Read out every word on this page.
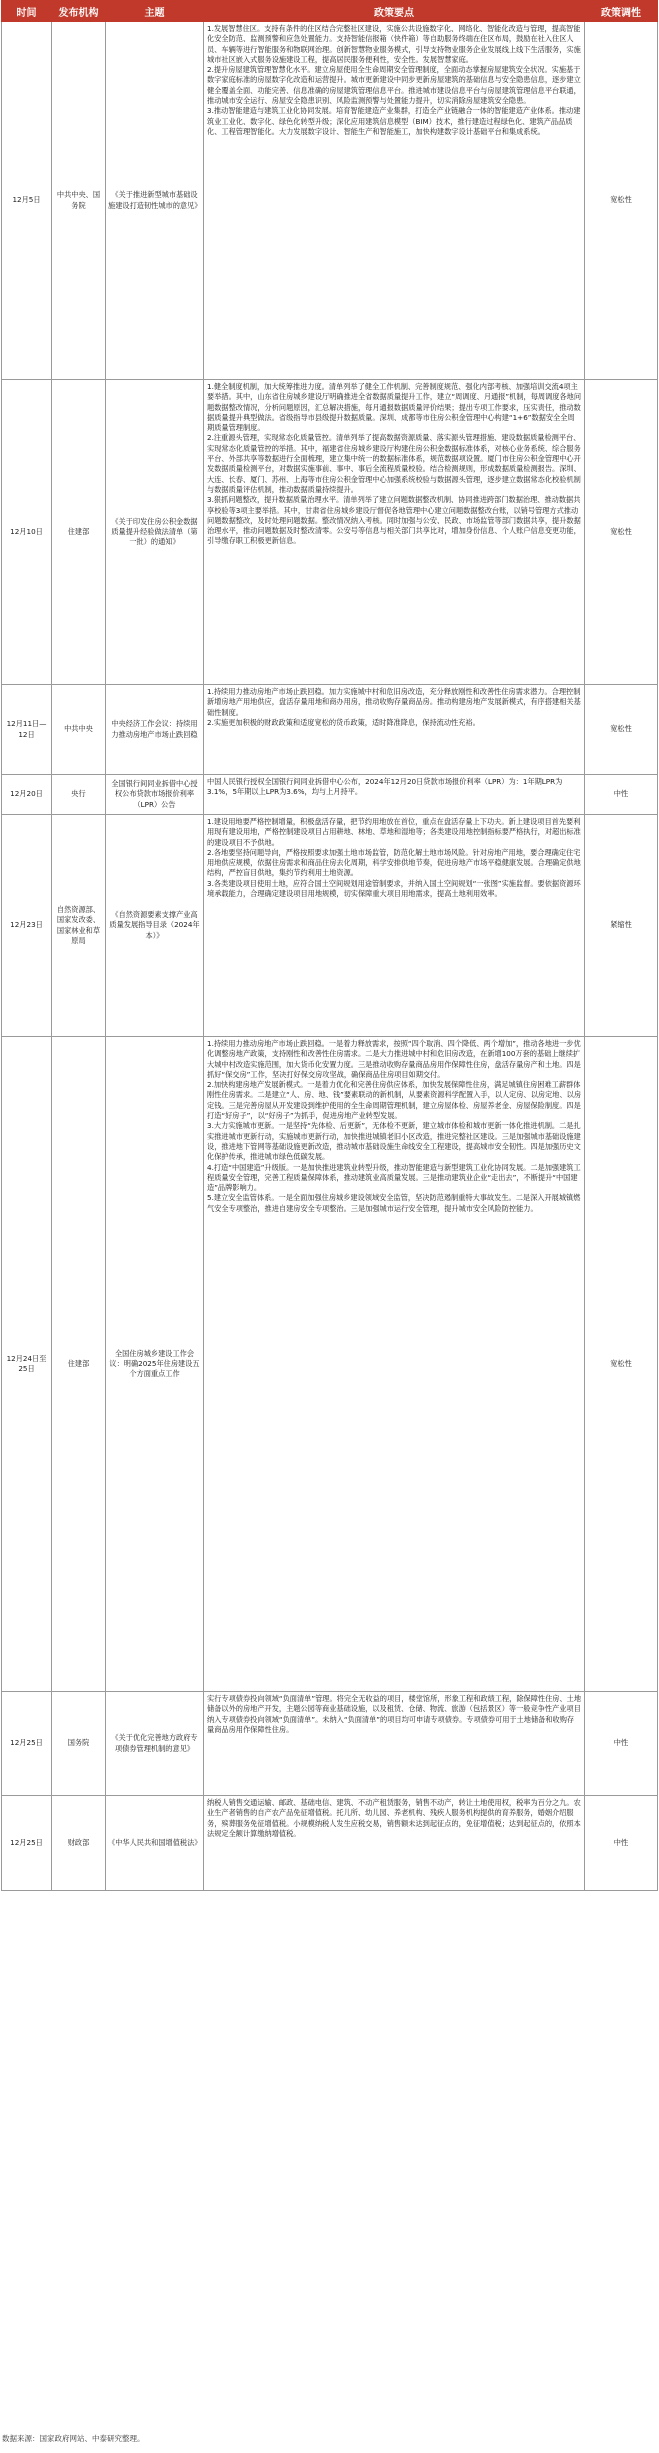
时间	发布机构	主题	政策要点	政策调性
12月5日	中共中央、国务院	《关于推进新型城市基础设施建设打造韧性城市的意见》	1.发展智慧住区。支持有条件的住区结合完整社区建设，实施公共设施数字化、网络化、智能化改造与管理，提高智能化安全防范、监测预警和应急处置能力。支持智能信报箱（快件箱）等自助服务终端在住区布局，鼓励在社入住区人员、车辆等进行智能服务和物联网治理。创新智慧物业服务模式，引导支持物业服务企业发展线上线下生活服务，实施城市社区嵌入式服务设施建设工程，提高居民服务便利性，安全性。发展智慧家庭。

2.提升房屋建筑管理智慧化水平。建立房屋使用全生命周期安全管理制度，全面动态掌握房屋建筑安全状况。实施基于数字家庭标准的房屋数字化改造和运营提升。城市更新建设中同步更新房屋建筑的基础信息与安全隐患信息，逐步建立健全覆盖全面、功能完善、信息准确的房屋建筑管理信息平台。推进城市建设信息平台与房屋建筑管理信息平台联通，推动城市安全运行、房屋安全隐患识别、风险监测预警与处置能力提升，切实消除房屋建筑安全隐患。

3.推动智能建造与建筑工业化协同发展。培育智能建造产业集群，打造全产业链融合一体的智能建造产业体系。推动建筑业工业化、数字化、绿色化转型升级；深化应用建筑信息模型（BIM）技术，推行建造过程绿色化、建筑产品品质化、工程管理智能化。大力发展数字设计、智能生产和智能施工，加快构建数字设计基础平台和集成系统。	宽松性
12月10日	住建部	《关于印发住房公积金数据质量提升经验做法清单（第一批）的通知》	1.健全制度机制，加大统筹推进力度。清单列举了健全工作机制、完善制度规范、强化内部考核、加强培训交流4项主要举措。其中，山东省住房城乡建设厅明确推进全省数据质量提升工作，建立“周调度、月通报”机制，每周调度各地问题数据整改情况，分析问题原因，汇总解决措施，每月通报数据质量评价结果；提出专项工作要求，压实责任，推动数据质量提升典型做法。省级指导市县级提升数据质量。深圳、成都等市住房公积金管理中心构建“1+6”数据安全全周期质量管理制度。

2.注重源头管理，实现常态化质量管控。清单列举了提高数据资源质量、落实源头管理措施、建设数据质量检测平台、实现常态化质量管控的举措。其中，福建省住房城乡建设厅构建住房公积金数据标准体系，对核心业务系统、综合服务平台、外部共享等数据进行全面梳理，建立集中统一的数据标准体系，规范数据项设置。厦门市住房公积金管理中心开发数据质量检测平台，对数据实施事前、事中、事后全流程质量校验。结合检测规则，形成数据质量检测报告。深圳、大连、长春、厦门、苏州、上海等市住房公积金管理中心加强系统校验与数据源头管理，逐步建立数据常态化校验机制与数据质量评估机制，推动数据质量持续提升。

3.狠抓问题整改，提升数据质量治理水平。清单列举了建立问题数据整改机制、协同推进跨部门数据治理、推动数据共享校验等3项主要举措。其中，甘肃省住房城乡建设厅督促各地管理中心建立问题数据整改台账，以销号管理方式推动问题数据整改，及时处理问题数据。整改情况纳入考核。同时加强与公安、民政、市场监管等部门数据共享，提升数据治理水平，推动问题数据及时整改清零。公安号等信息与相关部门共享比对，增加身份信息、个人账户信息变更功能，引导缴存职工积极更新信息。	宽松性
12月11日—12日	中共中央	中央经济工作会议：持续用力推动房地产市场止跌回稳	1.持续用力推动房地产市场止跌回稳。加力实施城中村和危旧房改造，充分释放刚性和改善性住房需求潜力。合理控制新增房地产用地供应，盘活存量用地和商办用房，推动收购存量商品房。推动构建房地产发展新模式，有序搭建相关基础性制度。

2.实施更加积极的财政政策和适度宽松的货币政策，适时降准降息，保持流动性充裕。	宽松性
12月20日	央行	全国银行间同业拆借中心授权公布贷款市场报价利率（LPR）公告	中国人民银行授权全国银行间同业拆借中心公布，2024年12月20日贷款市场报价利率（LPR）为：1年期LPR为3.1%，5年期以上LPR为3.6%，均与上月持平。	中性
12月23日	自然资源部、国家发改委、国家林业和草原局	《自然资源要素支撑产业高质量发展指导目录（2024年本）》	1.建设用地要严格控制增量，积极盘活存量，把节约用地放在首位，重点在盘活存量上下功夫。新上建设项目首先要利用现有建设用地，严格控制建设项目占用耕地、林地、草地和湿地等；各类建设用地控制指标要严格执行，对超出标准的建设项目不予供地。

2.各地要坚持问题导向，严格按照要求加强土地市场监管，防范化解土地市场风险。针对房地产用地，要合理确定住宅用地供应规模，依据住房需求和商品住房去化周期，科学安排供地节奏，促进房地产市场平稳健康发展。合理确定供地结构，严控盲目供地，集约节约利用土地资源。

3.各类建设项目使用土地，应符合国土空间规划用途管制要求，并纳入国土空间规划“一张图”实施监督。要依据资源环境承载能力，合理确定建设项目用地规模，切实保障重大项目用地需求，提高土地利用效率。	紧缩性
12月24日至25日	住建部	全国住房城乡建设工作会议：明确2025年住房建设五个方面重点工作	1.持续用力推动房地产市场止跌回稳。一是着力释放需求，按照“四个取消、四个降低、两个增加”，推动各地进一步优化调整房地产政策，支持刚性和改善性住房需求。二是大力推进城中村和危旧房改造，在新增100万套的基础上继续扩大城中村改造实施范围，加大货币化安置力度。三是推动收购存量商品房用作保障性住房，盘活存量房产和土地。四是抓好“保交房”工作，坚决打好保交房攻坚战，确保商品住房项目如期交付。

2.加快构建房地产发展新模式。一是着力优化和完善住房供应体系，加快发展保障性住房，满足城镇住房困难工薪群体刚性住房需求。二是建立“人、房、地、钱”要素联动的新机制，从要素资源科学配置入手，以人定房、以房定地、以房定钱。三是完善房屋从开发建设到维护使用的全生命周期管理机制，建立房屋体检、房屋养老金、房屋保险制度。四是打造“好房子”，以“好房子”为抓手，促进房地产业转型发展。

3.大力实施城市更新。一是坚持“先体检、后更新”，无体检不更新，建立城市体检和城市更新一体化推进机制。二是扎实推进城市更新行动，实施城市更新行动，加快推进城镇老旧小区改造，推进完整社区建设。三是加强城市基础设施建设，推进地下管网等基础设施更新改造，推动城市基础设施生命线安全工程建设，提高城市安全韧性。四是加强历史文化保护传承，推进城市绿色低碳发展。

4.打造“中国建造”升级版。一是加快推进建筑业转型升级，推动智能建造与新型建筑工业化协同发展。二是加强建筑工程质量安全管理，完善工程质量保障体系，推动建筑业高质量发展。三是推动建筑业企业“走出去”，不断提升“中国建造”品牌影响力。

5.建立安全监管体系。一是全面加强住房城乡建设领域安全监管，坚决防范遏制重特大事故发生。二是深入开展城镇燃气安全专项整治，推进自建房安全专项整治。三是加强城市运行安全管理，提升城市安全风险防控能力。	宽松性
12月25日	国务院	《关于优化完善地方政府专项债券管理机制的意见》	实行专项债券投向领域“负面清单”管理。将完全无收益的项目，楼堂馆所，形象工程和政绩工程，除保障性住房、土地储备以外的房地产开发，主题公园等商业基础设施，以及租赁、仓储、物流、旅游（包括景区）等一般竞争性产业项目纳入专项债券投向领域“负面清单”。未纳入“负面清单”的项目均可申请专项债券。专项债券可用于土地储备和收购存量商品房用作保障性住房。	中性
12月25日	财政部	《中华人民共和国增值税法》	纳税人销售交通运输、邮政、基础电信、建筑、不动产租赁服务，销售不动产，转让土地使用权，税率为百分之九。农业生产者销售的自产农产品免征增值税。托儿所、幼儿园、养老机构、残疾人服务机构提供的育养服务，婚姻介绍服务，殡葬服务免征增值税。小规模纳税人发生应税交易，销售额未达到起征点的，免征增值税；达到起征点的，依照本法规定全额计算缴纳增值税。	中性
数据来源：国家政府网站、中泰研究整理。
